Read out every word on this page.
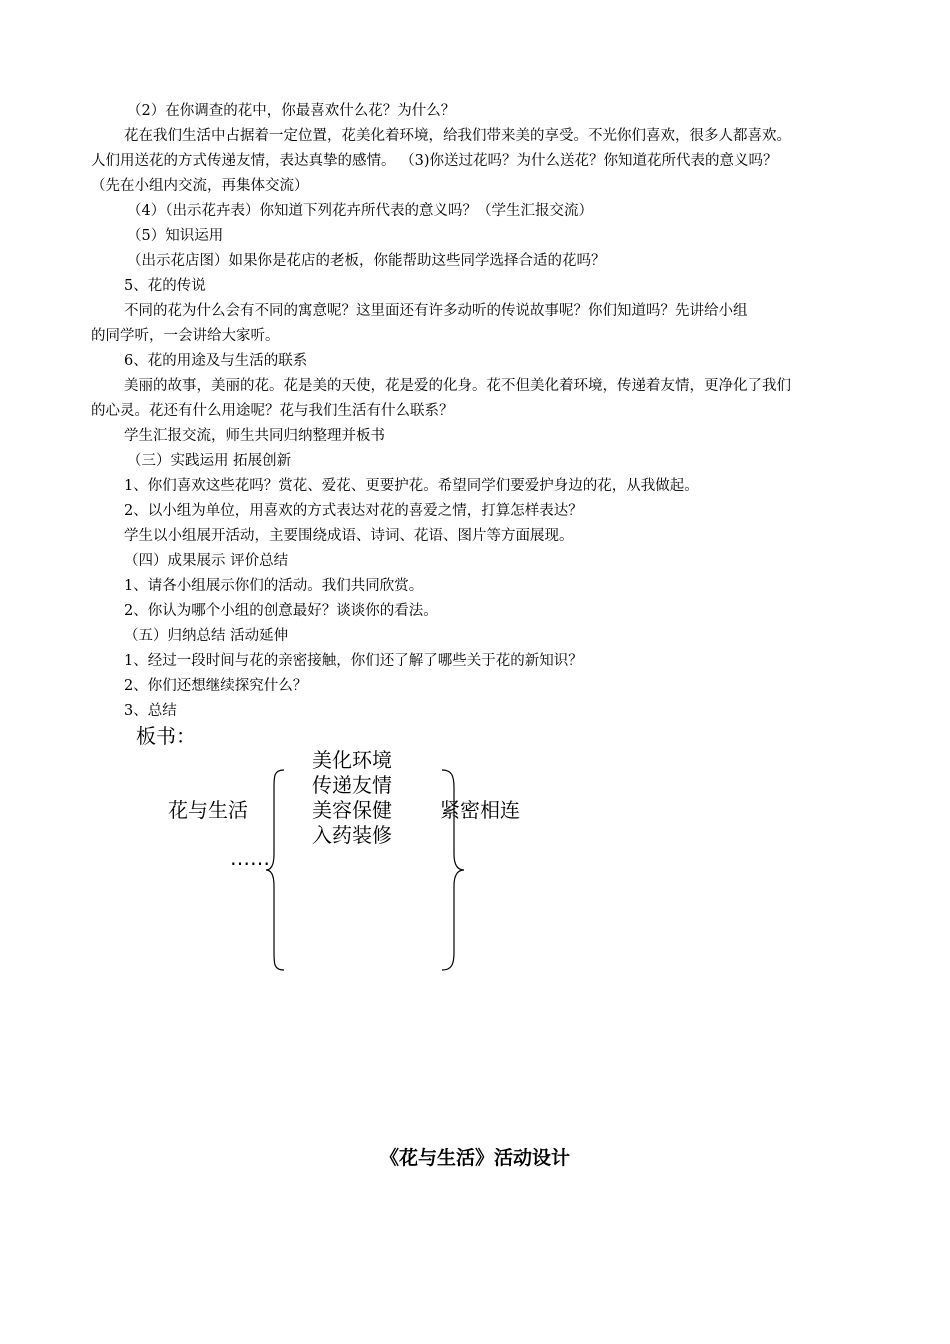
（2）在你调查的花中，你最喜欢什么花？为什么？
花在我们生活中占据着一定位置，花美化着环境，给我们带来美的享受。不光你们喜欢，很多人都喜欢。
人们用送花的方式传递友情，表达真挚的感情。 （3)你送过花吗？为什么送花？你知道花所代表的意义吗？
（先在小组内交流，再集体交流）
（4）（出示花卉表）你知道下列花卉所代表的意义吗？（学生汇报交流）
（5）知识运用
（出示花店图）如果你是花店的老板，你能帮助这些同学选择合适的花吗？
5、花的传说
不同的花为什么会有不同的寓意呢？这里面还有许多动听的传说故事呢？你们知道吗？先讲给小组
的同学听，一会讲给大家听。
6、花的用途及与生活的联系
美丽的故事，美丽的花。花是美的天使，花是爱的化身。花不但美化着环境，传递着友情，更净化了我们
的心灵。花还有什么用途呢？花与我们生活有什么联系？
学生汇报交流，师生共同归纳整理并板书
（三）实践运用 拓展创新
1、你们喜欢这些花吗？赏花、爱花、更要护花。希望同学们要爱护身边的花，从我做起。
2、以小组为单位，用喜欢的方式表达对花的喜爱之情，打算怎样表达？
学生以小组展开活动，主要围绕成语、诗词、花语、图片等方面展现。
（四）成果展示 评价总结
1、请各小组展示你们的活动。我们共同欣赏。
2、你认为哪个小组的创意最好？谈谈你的看法。
（五）归纳总结 活动延伸
1、经过一段时间与花的亲密接触，你们还了解了哪些关于花的新知识？
2、你们还想继续探究什么？
3、总结
板书：
美化环境
传递友情
花与生活	美容保健 紧密相连
入药装修
……
《花与生活》活动设计
